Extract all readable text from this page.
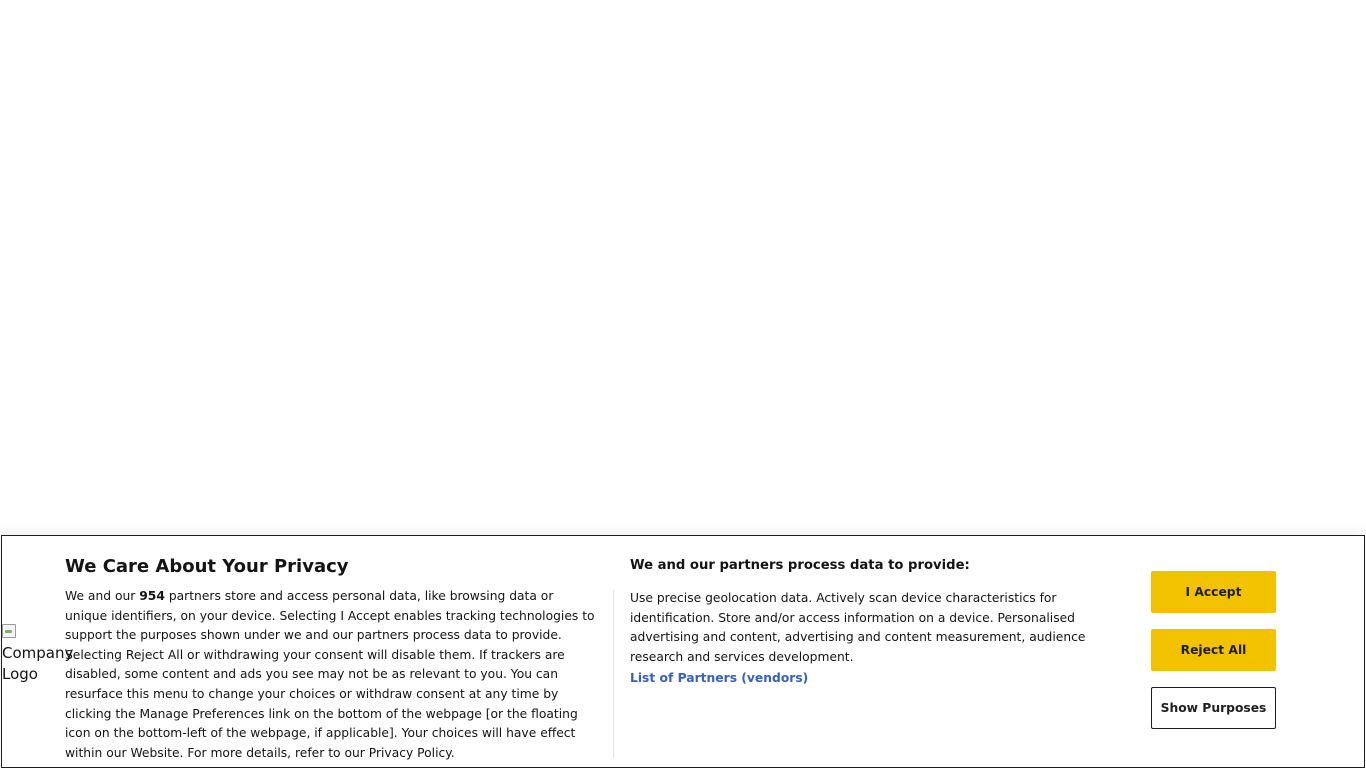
Company Logo
We Care About Your Privacy
We and our 954 partners store and access personal data, like browsing data or unique identifiers, on your device. Selecting I Accept enables tracking technologies to support the purposes shown under we and our partners process data to provide. Selecting Reject All or withdrawing your consent will disable them. If trackers are disabled, some content and ads you see may not be as relevant to you. You can resurface this menu to change your choices or withdraw consent at any time by clicking the Manage Preferences link on the bottom of the webpage [or the floating icon on the bottom-left of the webpage, if applicable]. Your choices will have effect within our Website. For more details, refer to our Privacy Policy.
We and our partners process data to provide:
Use precise geolocation data. Actively scan device characteristics for identification. Store and/or access information on a device. Personalised advertising and content, advertising and content measurement, audience research and services development.
List of Partners (vendors)
I Accept
Reject All
Show Purposes
